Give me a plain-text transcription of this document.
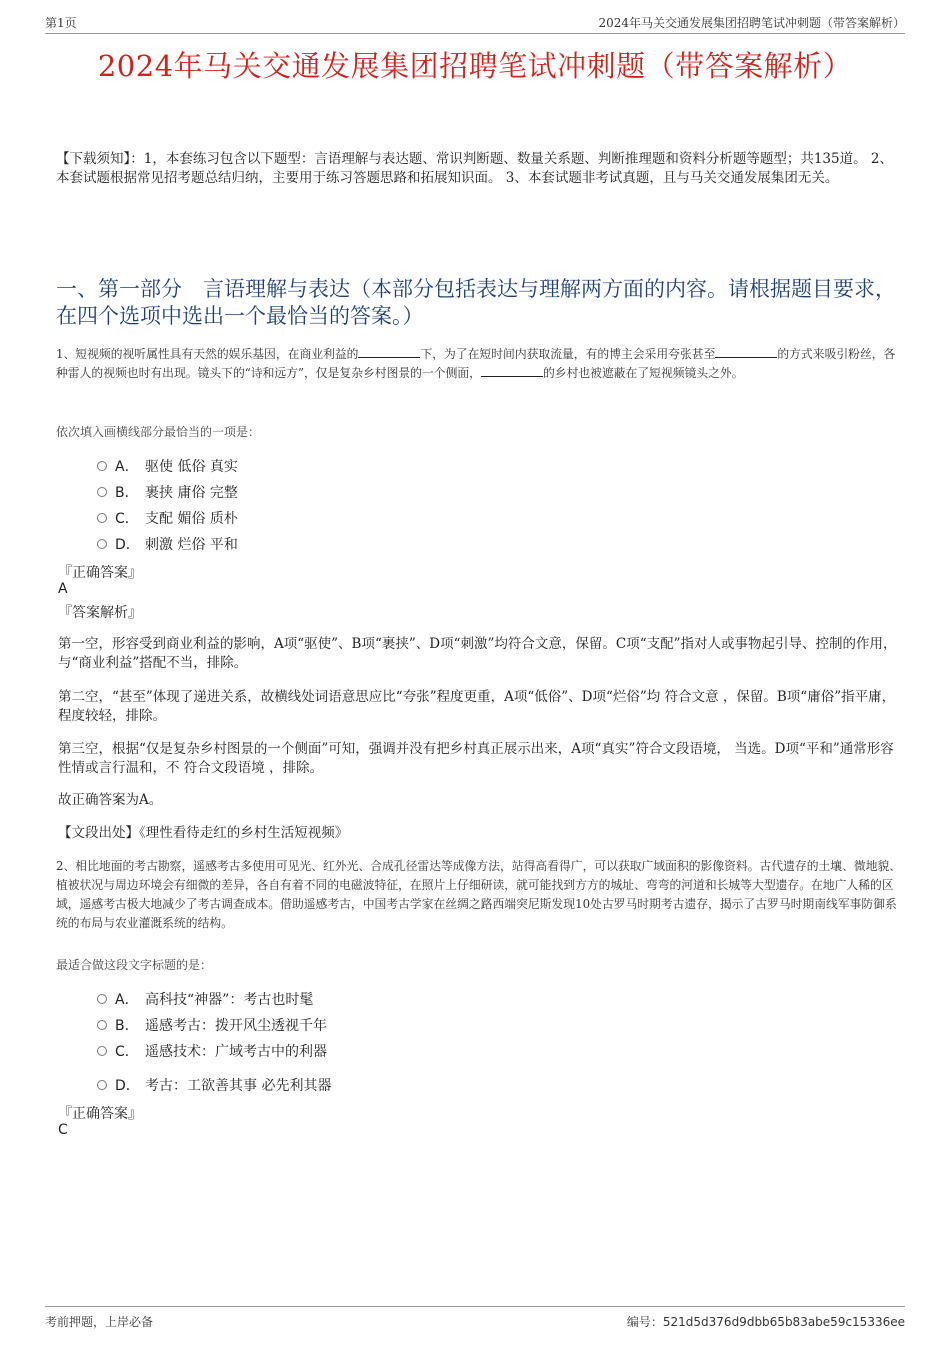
第1页	2024年马关交通发展集团招聘笔试冲刺题（带答案解析）
2024年马关交通发展集团招聘笔试冲刺题（带答案解析）
【下载须知】：1，本套练习包含以下题型：言语理解与表达题、常识判断题、数量关系题、判断推理题和资料分析题等题型；共135道。 2、本套试题根据常见招考题总结归纳，主要用于练习答题思路和拓展知识面。 3、本套试题非考试真题，且与马关交通发展集团无关。
一、第一部分　言语理解与表达（本部分包括表达与理解两方面的内容。请根据题目要求，在四个选项中选出一个最恰当的答案。）
1、短视频的视听属性具有天然的娱乐基因，在商业利益的	下，为了在短时间内获取流量，有的博主会采用夸张甚至	的方式来吸引粉丝，各种雷人的视频也时有出现。镜头下的“诗和远方”，仅是复杂乡村图景的一个侧面，	的乡村也被遮蔽在了短视频镜头之外。
依次填入画横线部分最恰当的一项是：
A． 驱使 低俗 真实
B． 裹挟 庸俗 完整
C． 支配 媚俗 质朴
D． 刺激 烂俗 平和
『正确答案』
A
『答案解析』
第一空，形容受到商业利益的影响，A项“驱使”、B项“裹挟”、D项“刺激”均符合文意，保留。C项“支配”指对人或事物起引导、控制的作用，与“商业利益”搭配不当，排除。
第二空，“甚至”体现了递进关系，故横线处词语意思应比“夸张”程度更重，A项“低俗”、D项“烂俗”均 符合文意 ，保留。B项“庸俗”指平庸，程度较轻，排除。
第三空，根据“仅是复杂乡村图景的一个侧面”可知，强调并没有把乡村真正展示出来，A项“真实”符合文段语境， 当选。D项“平和”通常形容性情或言行温和，不 符合文段语境 ，排除。
故正确答案为A。
【文段出处】《理性看待走红的乡村生活短视频》
2、相比地面的考古勘察，遥感考古多使用可见光、红外光、合成孔径雷达等成像方法，站得高看得广，可以获取广域面积的影像资料。古代遗存的土壤、微地貌、植被状况与周边环境会有细微的差异，各自有着不同的电磁波特征，在照片上仔细研读，就可能找到方方的城址、弯弯的河道和长城等大型遗存。在地广人稀的区域，遥感考古极大地减少了考古调查成本。借助遥感考古，中国考古学家在丝绸之路西端突尼斯发现10处古罗马时期考古遗存，揭示了古罗马时期南线军事防御系统的布局与农业灌溉系统的结构。
最适合做这段文字标题的是：
A． 高科技“神器”：考古也时髦
B． 遥感考古：拨开风尘透视千年
C． 遥感技术：广域考古中的利器
D． 考古：工欲善其事 必先利其器
『正确答案』
C
考前押题，上岸必备	编号：521d5d376d9dbb65b83abe59c15336ee
